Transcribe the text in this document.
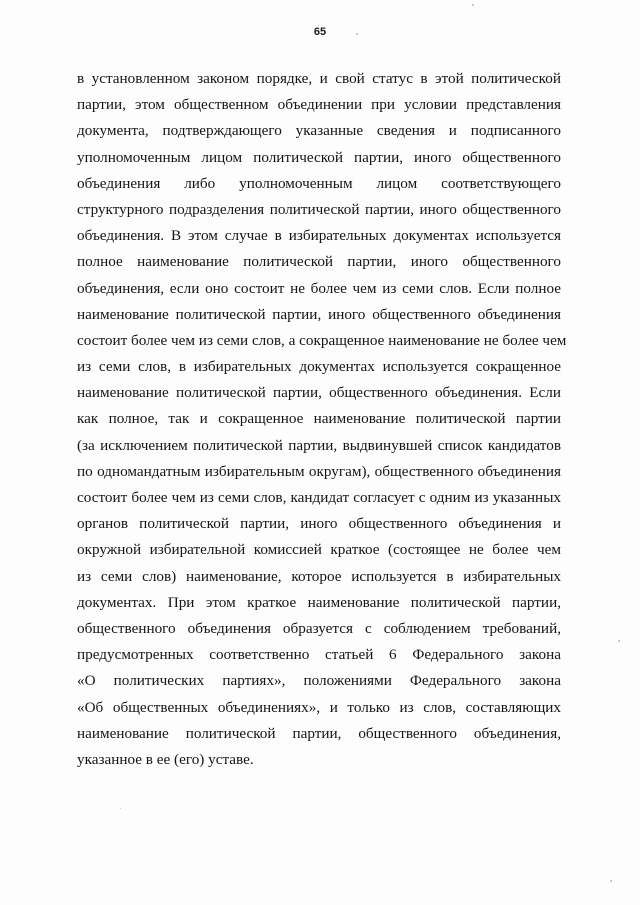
65
в установленном законом порядке, и свой статус в этой политической
партии, этом общественном объединении при условии представления
документа, подтверждающего указанные сведения и подписанного
уполномоченным лицом политической партии, иного общественного
объединения либо уполномоченным лицом соответствующего
структурного подразделения политической партии, иного общественного
объединения. В этом случае в избирательных документах используется
полное наименование политической партии, иного общественного
объединения, если оно состоит не более чем из семи слов. Если полное
наименование политической партии, иного общественного объединения
состоит более чем из семи слов, а сокращенное наименование не более чем
из семи слов, в избирательных документах используется сокращенное
наименование политической партии, общественного объединения. Если
как полное, так и сокращенное наименование политической партии
(за исключением политической партии, выдвинувшей список кандидатов
по одномандатным избирательным округам), общественного объединения
состоит более чем из семи слов, кандидат согласует с одним из указанных
органов политической партии, иного общественного объединения и
окружной избирательной комиссией краткое (состоящее не более чем
из семи слов) наименование, которое используется в избирательных
документах. При этом краткое наименование политической партии,
общественного объединения образуется с соблюдением требований,
предусмотренных соответственно статьей 6 Федерального закона
«О политических партиях», положениями Федерального закона
«Об общественных объединениях», и только из слов, составляющих
наименование политической партии, общественного объединения,
указанное в ее (его) уставе.
